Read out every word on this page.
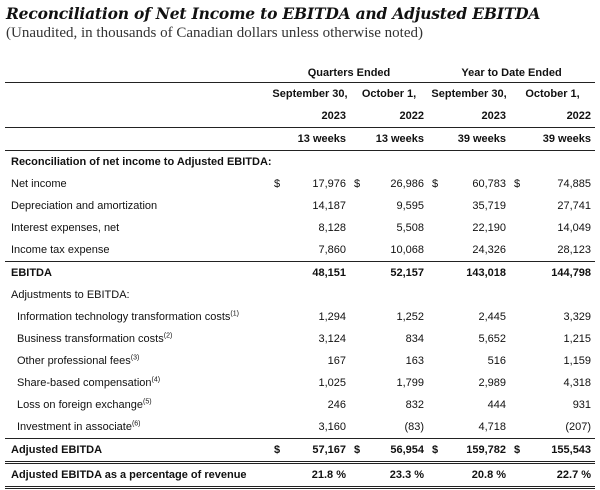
Reconciliation of Net Income to EBITDA and Adjusted EBITDA
(Unaudited, in thousands of Canadian dollars unless otherwise noted)
	Quarters Ended				Year to Date Ended			
	September 30,		October 1,		September 30,		October 1,	
	2023		2022		2023		2022	
	13 weeks		13 weeks		39 weeks		39 weeks	
Reconciliation of net income to Adjusted EBITDA:								
Net income	$	17,976	$	26,986	$	60,783	$	74,885
Depreciation and amortization		14,187		9,595		35,719		27,741
Interest expenses, net		8,128		5,508		22,190		14,049
Income tax expense		7,860		10,068		24,326		28,123
EBITDA		48,151		52,157		143,018		144,798
Adjustments to EBITDA:								
Information technology transformation costs$^{(1)}$		1,294		1,252		2,445		3,329
Business transformation costs$^{(2)}$		3,124		834		5,652		1,215
Other professional fees$^{(3)}$		167		163		516		1,159
Share-based compensation$^{(4)}$		1,025		1,799		2,989		4,318
Loss on foreign exchange$^{(5)}$		246		832		444		931
Investment in associate$^{(6)}$		3,160		(83)		4,718		(207)
Adjusted EBITDA	$	57,167	$	56,954	$	159,782	$	155,543
Adjusted EBITDA as a percentage of revenue		21.8 %		23.3 %		20.8 %		22.7 %
